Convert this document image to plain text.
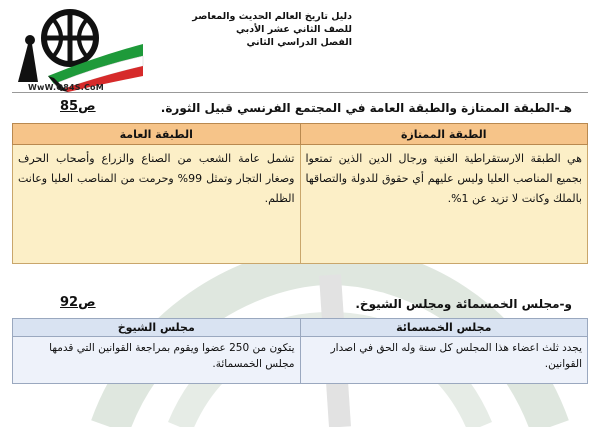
WwW.Q84S.CoM
دليل تاريخ العالم الحديث والمعاصر
للصف الثاني عشر الأدبي
الفصل الدراسي الثاني
هـ-الطبقة الممتازة والطبقة العامة في المجتمع الفرنسي قبيل الثورة.
ص85
الطبقة الممتازة	الطبقة العامة
هي الطبقة الارستقراطية الغنية ورجال الدين الذين تمتعوا بجميع المناصب العليا وليس عليهم أي حقوق للدولة والتصاقها بالملك وكانت لا تزيد عن 1%.	تشمل عامة الشعب من الصناع والزراع وأصحاب الحرف وصغار التجار وتمثل 99% وحرمت من المناصب العليا وعانت الظلم.
و-مجلس الخمسمائة ومجلس الشيوخ.
ص92
مجلس الخمسمائة	مجلس الشيوخ
يجدد ثلث اعضاء هذا المجلس كل سنة وله الحق في اصدار القوانين.	يتكون من 250 عضوا ويقوم بمراجعة القوانين التي قدمها مجلس الخمسمائة.
